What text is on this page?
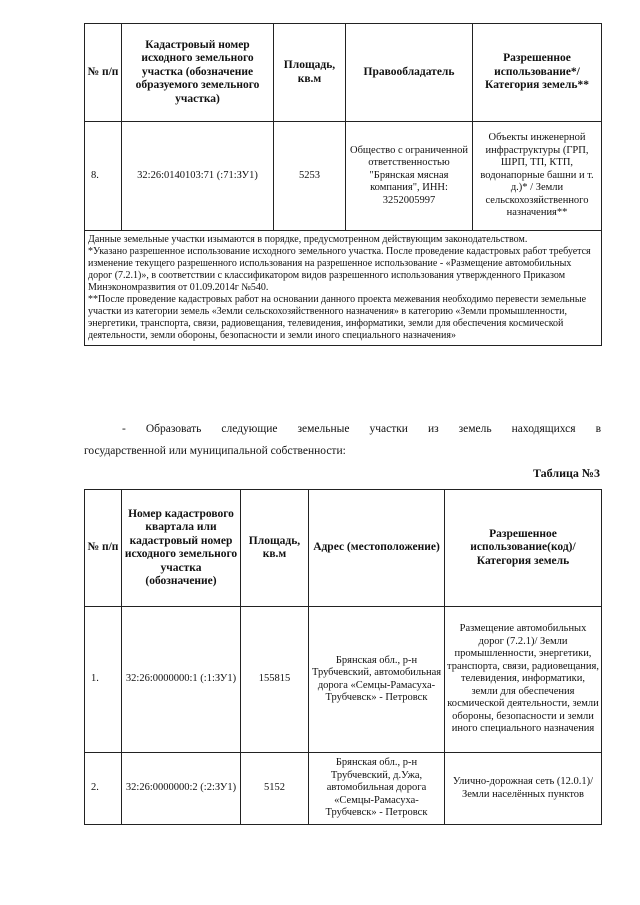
№ п/п	Кадастровый номер исходного земельного участка (обозначение образуемого земельного участка)	Площадь, кв.м	Правообладатель	Разрешенное использование*/ Категория земель**
8.	32:26:0140103:71 (:71:ЗУ1)	5253	Общество с ограниченной ответственностью "Брянская мясная компания", ИНН: 3252005997	Объекты инженерной инфраструктуры (ГРП, ШРП, ТП, КТП, водонапорные башни и т. д.)* / Земли сельскохозяйственного назначения**

Данные земельные участки изымаются в порядке, предусмотренном действующим законодательством.
*Указано разрешенное использование исходного земельного участка. После проведение кадастровых работ требуется изменение текущего разрешенного использования на разрешенное использование - «Размещение автомобильных дорог (7.2.1)», в соответствии с классификатором видов разрешенного использования утвержденного Приказом Минэкономразвития от 01.09.2014г №540.
**После проведение кадастровых работ на основании данного проекта межевания необходимо перевести земельные участки из категории земель «Земли сельскохозяйственного назначения» в категорию «Земли промышленности, энергетики, транспорта, связи, радиовещания, телевидения, информатики, земли для обеспечения космической деятельности, земли обороны, безопасности и земли иного специального назначения»				
- Образовать следующие земельные участки из земель находящихся в
государственной или муниципальной собственности:
Таблица №3
№ п/п	Номер кадастрового квартала или кадастровый номер исходного земельного участка (обозначение)	Площадь, кв.м	Адрес (местоположение)	Разрешенное использование(код)/ Категория земель
1.	32:26:0000000:1 (:1:ЗУ1)	155815	Брянская обл., р-н Трубчевский, автомобильная дорога «Семцы-Рамасуха-Трубчевск» - Петровск	Размещение автомобильных дорог (7.2.1)/ Земли промышленности, энергетики, транспорта, связи, радиовещания, телевидения, информатики, земли для обеспечения космической деятельности, земли обороны, безопасности и земли иного специального назначения
2.	32:26:0000000:2 (:2:ЗУ1)	5152	Брянская обл., р-н Трубчевский, д.Ужа, автомобильная дорога «Семцы-Рамасуха-Трубчевск» - Петровск	Улично-дорожная сеть (12.0.1)/ Земли населённых пунктов
